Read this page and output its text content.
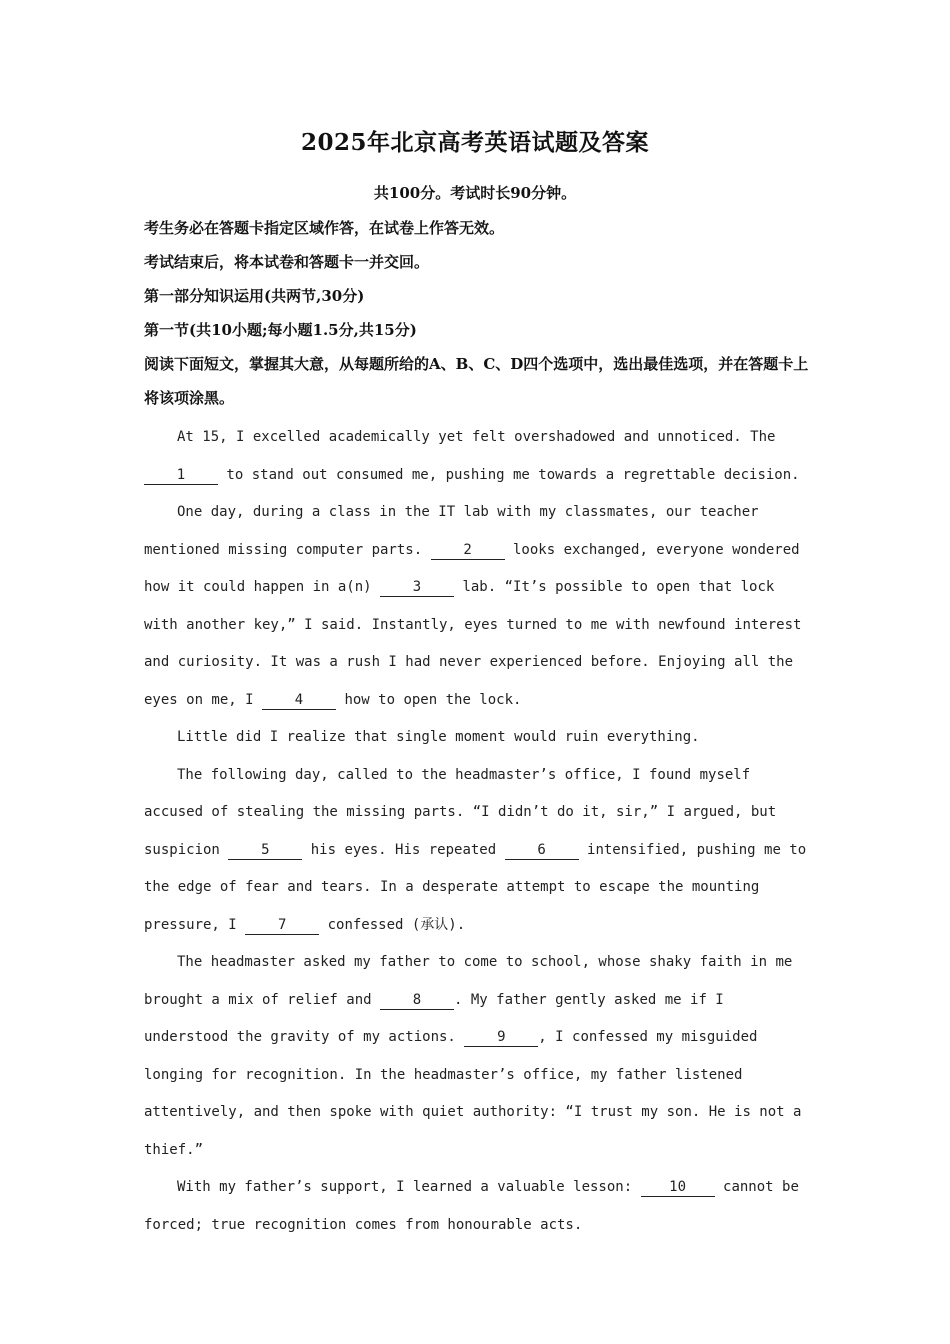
2025年北京高考英语试题及答案
共100分。考试时长90分钟。
考生务必在答题卡指定区域作答，在试卷上作答无效。
考试结束后，将本试卷和答题卡一并交回。
第一部分知识运用(共两节,30分)
第一节(共10小题;每小题1.5分,共15分)
阅读下面短文，掌握其大意，从每题所给的A、B、C、D四个选项中，选出最佳选项，并在答题卡上将该项涂黑。

At 15, I excelled academically yet felt overshadowed and unnoticed. The 1 to stand out consumed me, pushing me towards a regrettable decision.

One day, during a class in the IT lab with my classmates, our teacher mentioned missing computer parts. 2 looks exchanged, everyone wondered how it could happen in a(n) 3 lab. “It’s possible to open that lock with another key,” I said. Instantly, eyes turned to me with newfound interest and curiosity. It was a rush I had never experienced before. Enjoying all the eyes on me, I 4 how to open the lock.

Little did I realize that single moment would ruin everything.

The following day, called to the headmaster’s office, I found myself accused of stealing the missing parts. “I didn’t do it, sir,” I argued, but suspicion 5 his eyes. His repeated 6 intensified, pushing me to the edge of fear and tears. In a desperate attempt to escape the mounting pressure, I 7 confessed (承认).

The headmaster asked my father to come to school, whose shaky faith in me brought a mix of relief and 8 . My father gently asked me if I understood the gravity of my actions. 9 , I confessed my misguided longing for recognition. In the headmaster’s office, my father listened attentively, and then spoke with quiet authority: “I trust my son. He is not a thief.”

With my father’s support, I learned a valuable lesson: 10 cannot be forced; true recognition comes from honourable acts.
